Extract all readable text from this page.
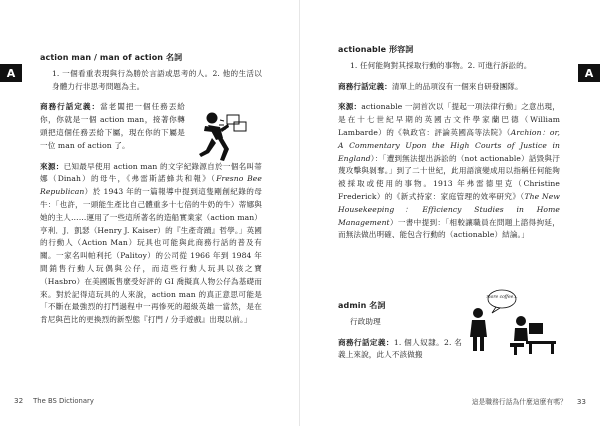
A
action man / man of action 名詞

1. 一個看重表現與行為勝於言語或思考的人。2. 他的生活以身體力行非思考問題為主。

商務行話定義：當老闆把一個任務丟給你，你就是一個 action man，接著你轉頭把這個任務丟給下屬，現在你的下屬是一位 man of action 了。

來源：已知最早使用 action man 的文字紀錄源自於一個名叫蒂娜（Dinah）的母牛，《弗雷斯諾蜂共和報》（Fresno Bee Republican）於 1943 年的一篇報導中提到這隻剛創紀錄的母牛：「也許，一頭能生產比自己體重多十七倍的牛奶的牛）蒂娜與她的主人……運用了一些這所著名的造船實業家（action man）亨利．J．凱瑟（Henry J. Kaiser）的『生產奇蹟』哲學。」英國的行動人（Action Man）玩具也可能與此商務行話的普及有關。一家名叫帕利托（Palitoy）的公司從 1966 年到 1984 年間銷售行動人玩偶與公仔，而這些行動人玩具以孩之寶（Hasbro）在美國販售麼受好評的 GI 喬擬真人物公仔為基礎而來。對於記得這玩具的人來說，action man 的真正意思可能是「不斷在最強烈的打鬥過程中一再慘死的超級英雄一當然，是在肯尼與芭比的更換烈的新型態『打門 / 分手遊戲』出現以前。」

A
actionable 形容詞

1. 任何能夠對其採取行動的事物。2. 可進行訴訟的。

商務行話定義：清單上的品項沒有一個來自研發團隊。

來源：actionable 一詞首次以「提起一項法律行動」之意出現，是在十七世紀早期的英國古文件學家蘭巴德（William Lambarde）的《執政官：評論英國高等法院》（Archion：or, A Commentary Upon the High Courts of Justice in England）：「遭到無法提出訴訟的（not actionable）話毀與汙蔑攻擊與剝奪。」到了二十世紀，此用語演變成用以指稱任何能夠被採取或使用的事物。1913 年弗雷德里克（Christine Frederick）的《新式持家：家庭管理的效率研究》（The New Housekeeping：Efficiency Studies in Home Management）一書中提到：「相較讓職員在問題上諮得拘延，而無法做出明確、能包含行動的（actionable）結論。」

admin 名詞

行政助理

商務行話定義：1. 個人奴隸。2. 名義上來說，此人不該做搬

more coffee...
32 The BS Dictionary	這是職務行話為什麼這麼有嗎？ 33
